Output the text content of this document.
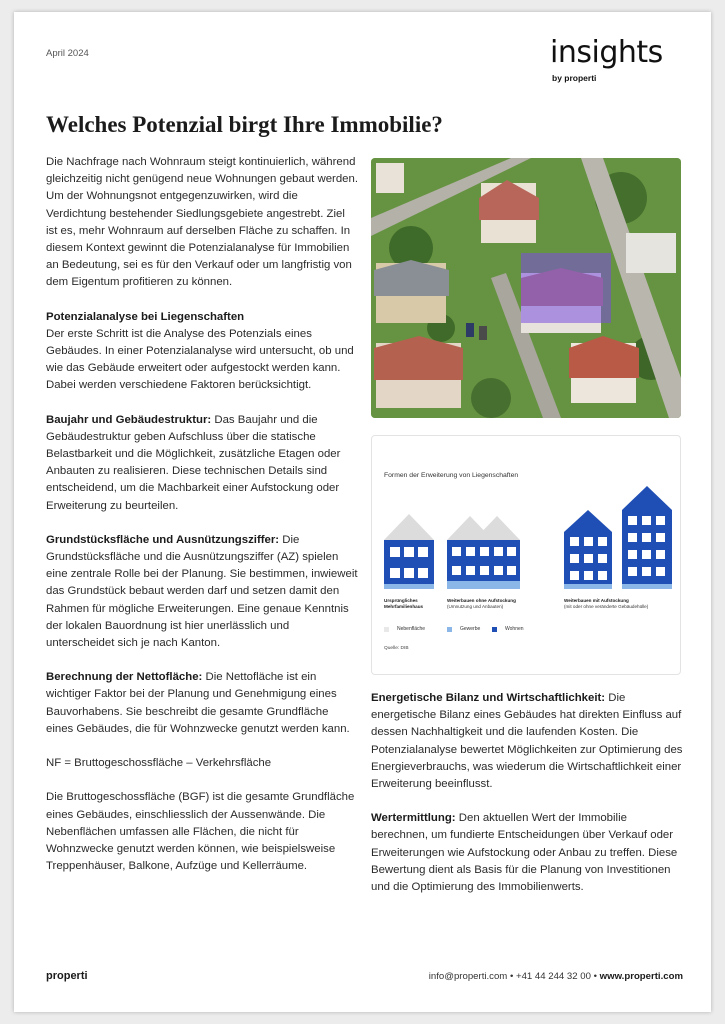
April 2024	insights
by properti
Welches Potenzial birgt Ihre Immobilie?

Die Nachfrage nach Wohnraum steigt kontinuierlich, während gleichzeitig nicht genügend neue Wohnungen gebaut werden. Um der Wohnungsnot entgegenzuwirken, wird die Verdichtung bestehender Siedlungsgebiete angestrebt. Ziel ist es, mehr Wohnraum auf derselben Fläche zu schaffen. In diesem Kontext gewinnt die Potenzialanalyse für Immobilien an Bedeutung, sei es für den Verkauf oder um langfristig von dem Eigentum profitieren zu können.

Potenzialanalyse bei Liegenschaften
Der erste Schritt ist die Analyse des Potenzials eines Gebäudes. In einer Potenzialanalyse wird untersucht, ob und wie das Gebäude erweitert oder aufgestockt werden kann. Dabei werden verschiedene Faktoren berücksichtigt.

Baujahr und Gebäudestruktur: Das Baujahr und die Gebäudestruktur geben Aufschluss über die statische Belastbarkeit und die Möglichkeit, zusätzliche Etagen oder Anbauten zu realisieren. Diese technischen Details sind entscheidend, um die Machbarkeit einer Aufstockung oder Erweiterung zu beurteilen.

Grundstücksfläche und Ausnützungsziffer: Die Grundstücksfläche und die Ausnützungsziffer (AZ) spielen eine zentrale Rolle bei der Planung. Sie bestimmen, inwieweit das Grundstück bebaut werden darf und setzen damit den Rahmen für mögliche Erweiterungen. Eine genaue Kenntnis der lokalen Bauordnung ist hier unerlässlich und unterscheidet sich je nach Kanton.

Berechnung der Nettofläche: Die Nettofläche ist ein wichtiger Faktor bei der Planung und Genehmigung eines Bauvorhabens. Sie beschreibt die gesamte Grundfläche eines Gebäudes, die für Wohnzwecke genutzt werden kann.

NF = Bruttogeschossfläche – Verkehrsfläche

Die Bruttogeschossfläche (BGF) ist die gesamte Grundfläche eines Gebäudes, einschliesslich der Aussenwände. Die Nebenflächen umfassen alle Flächen, die nicht für Wohnzwecke genutzt werden können, wie beispielsweise Treppenhäuser, Balkone, Aufzüge und Kellerräume.

Formen der Erweiterung von Liegenschaften
Ursprüngliches Mehrfamilienhaus
Weiterbauen ohne Aufstockung
(Umnutzung und Anbauten)
Weiterbauen mit Aufstockung
(mit oder ohne veränderte Gebäudehülle)
Nebenfläche	Gewerbe	Wohnen
Quelle: DIB

Energetische Bilanz und Wirtschaftlichkeit: Die energetische Bilanz eines Gebäudes hat direkten Einfluss auf dessen Nachhaltigkeit und die laufenden Kosten. Die Potenzialanalyse bewertet Möglichkeiten zur Optimierung des Energieverbrauchs, was wiederum die Wirtschaftlichkeit einer Erweiterung beeinflusst.

Wertermittlung: Den aktuellen Wert der Immobilie berechnen, um fundierte Entscheidungen über Verkauf oder Erweiterungen wie Aufstockung oder Anbau zu treffen. Diese Bewertung dient als Basis für die Planung von Investitionen und die Optimierung des Immobilienwerts.

properti	info@properti.com • +41 44 244 32 00 • www.properti.com
